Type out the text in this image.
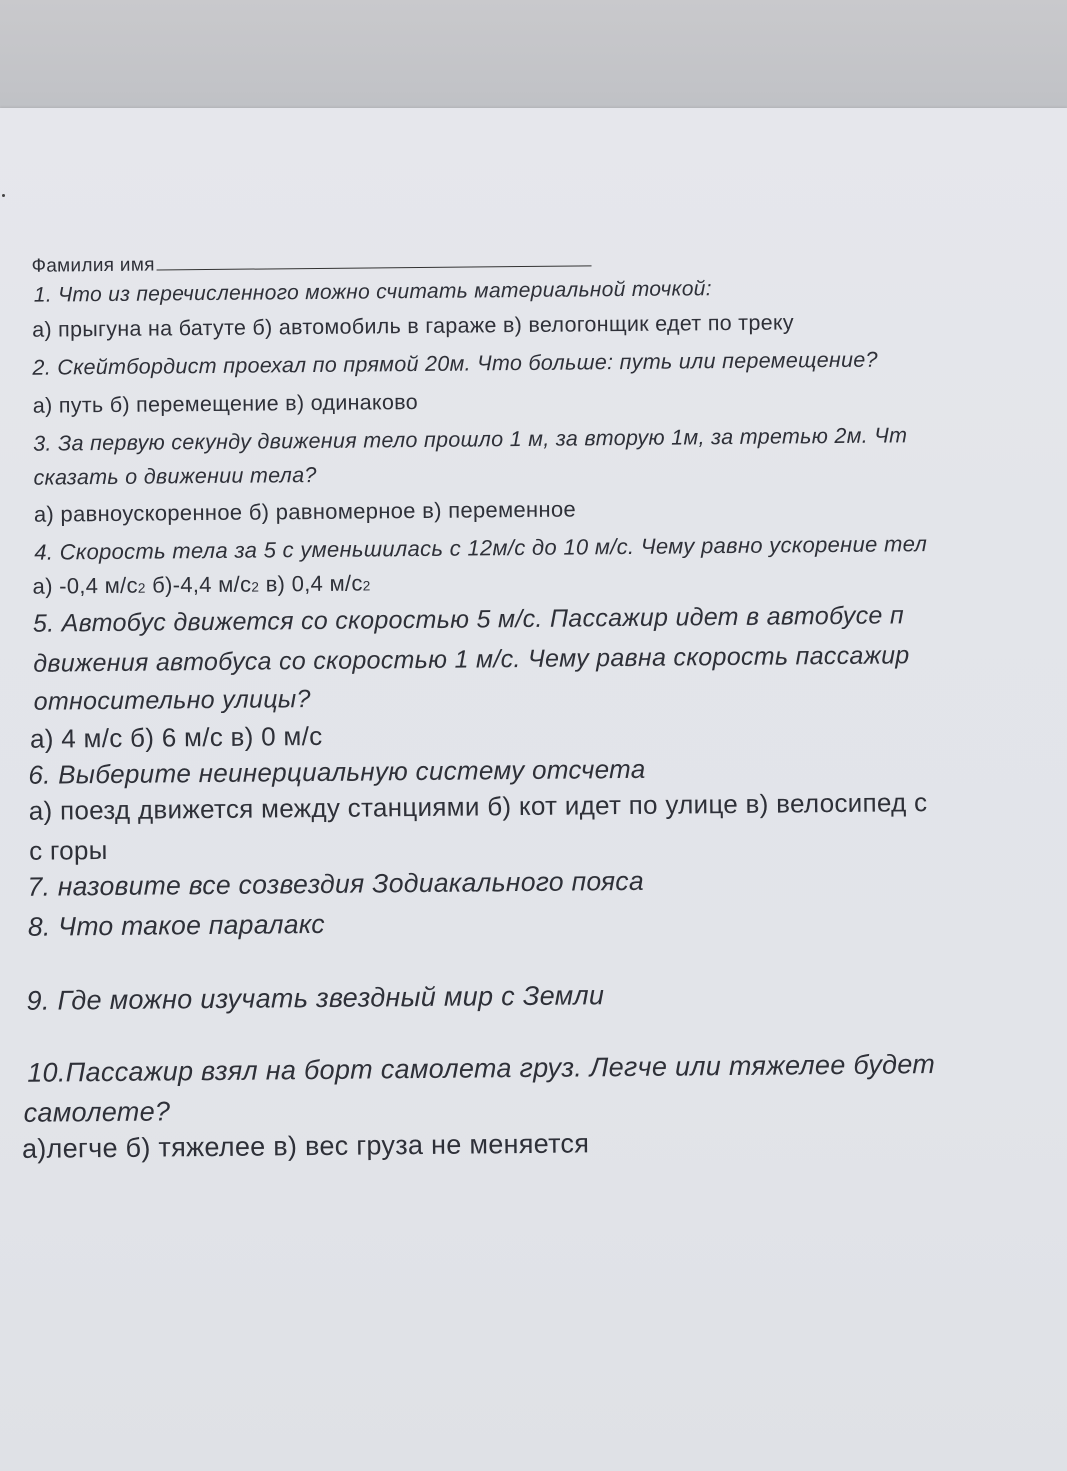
Фамилия имя
1. Что из перечисленного можно считать материальной точкой:
а) прыгуна на батуте б) автомобиль в гараже в) велогонщик едет по треку
2. Скейтбордист проехал по прямой 20м. Что больше: путь или перемещение?
а) путь б) перемещение в) одинаково
3. За первую секунду движения тело прошло 1 м, за вторую 1м, за третью 2м. Чт
сказать о движении тела?
а) равноускоренное б) равномерное в) переменное
4. Скорость тела за 5 с уменьшилась с 12м/с до 10 м/с. Чему равно ускорение тел
а) -0,4 $м/с^2$ б)-4,4 $м/с^2$ в) 0,4 $м/с^2$
5. Автобус движется со скоростью 5 м/с. Пассажир идет в автобусе п
движения автобуса со скоростью 1 м/с. Чему равна скорость пассажир
относительно улицы?
а) 4 м/с б) 6 м/с в) 0 м/с
6. Выберите неинерциальную систему отсчета
а) поезд движется между станциями б) кот идет по улице в) велосипед с
с горы
7. назовите все созвездия Зодиакального пояса
8. Что такое паралакс
9. Где можно изучать звездный мир с Земли
10.Пассажир взял на борт самолета груз. Легче или тяжелее будет
самолете?
а)легче б) тяжелее в) вес груза не меняется
